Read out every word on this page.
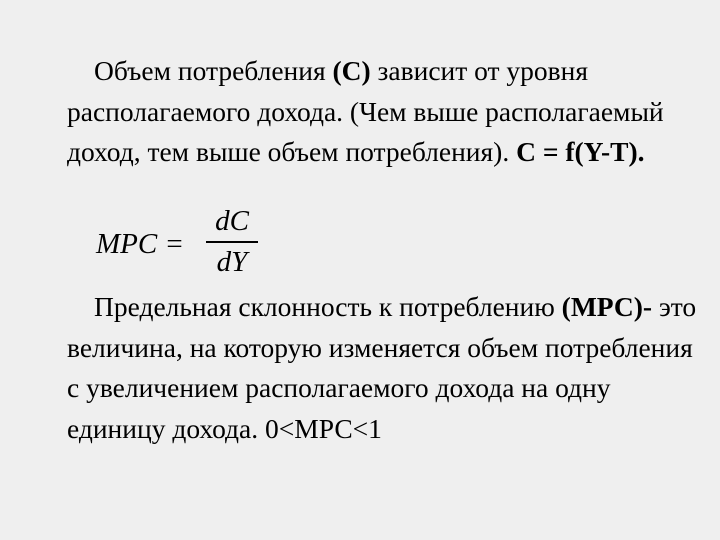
Объем потребления (С) зависит от уровня располагаемого дохода. (Чем выше располагаемый доход, тем выше объем потребления). C = f(Y-T).

MPC =
dC
dY

Предельная склонность к потреблению (МРС)- это величина, на которую изменяется объем потребления с увеличением располагаемого дохода на одну единицу дохода. 0<МРС<1
